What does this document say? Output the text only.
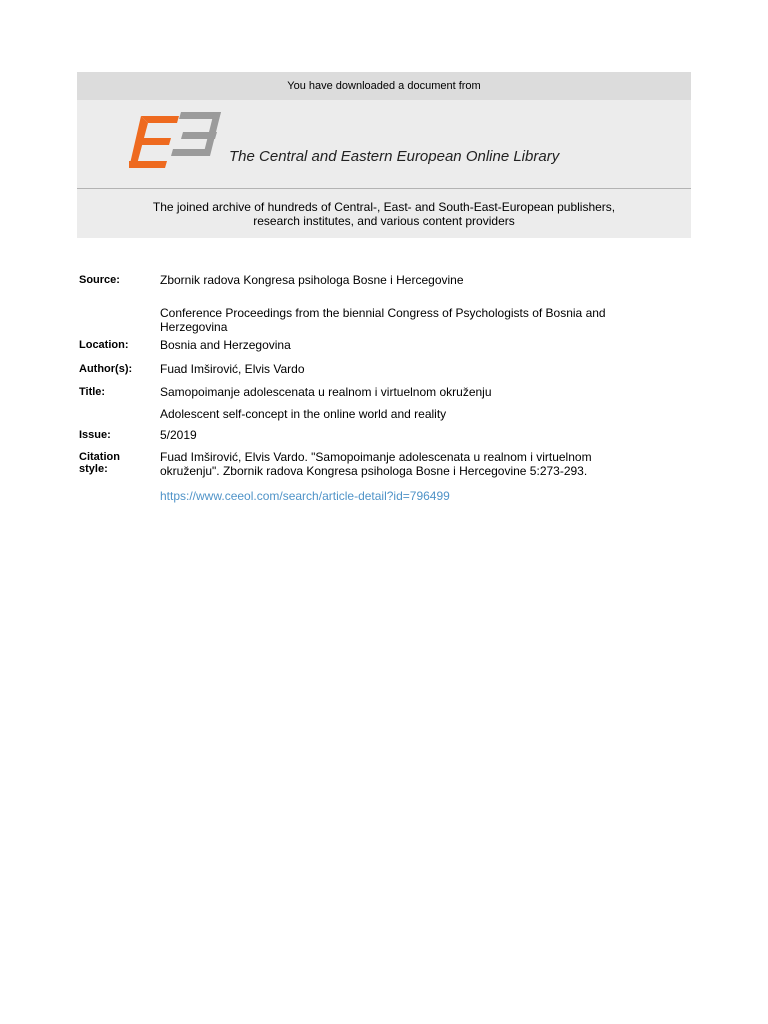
You have downloaded a document from
The Central and Eastern European Online Library
The joined archive of hundreds of Central-, East- and South-East-European publishers,
research institutes, and various content providers
Source:	Zbornik radova Kongresa psihologa Bosne i Hercegovine
Conference Proceedings from the biennial Congress of Psychologists of Bosnia and Herzegovina
Location:	Bosnia and Herzegovina
Author(s): Fuad Imširović, Elvis Vardo
Title:	Samopoimanje adolescenata u realnom i virtuelnom okruženju
Adolescent self-concept in the online world and reality
Issue:	5/2019
Citation
style:
Fuad Imširović, Elvis Vardo. "Samopoimanje adolescenata u realnom i virtuelnom okruženju". Zbornik radova Kongresa psihologa Bosne i Hercegovine 5:273-293.
https://www.ceeol.com/search/article-detail?id=796499
